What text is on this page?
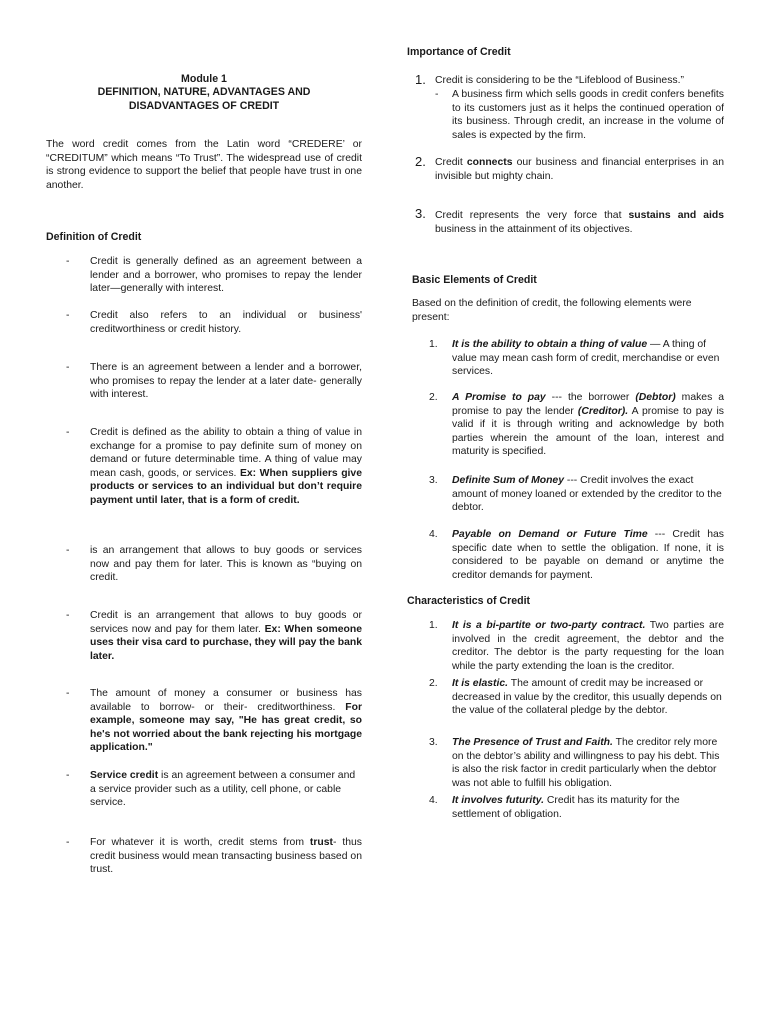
Module 1
DEFINITION, NATURE, ADVANTAGES AND
DISADVANTAGES OF CREDIT

The word credit comes from the Latin word “CREDERE’ or “CREDITUM” which means “To Trust”. The widespread use of credit is strong evidence to support the belief that people have trust in one another.

Definition of Credit

-	Credit is generally defined as an agreement between a lender and a borrower, who promises to repay the lender later—generally with interest.

-	Credit also refers to an individual or business' creditworthiness or credit history.

-	There is an agreement between a lender and a borrower, who promises to repay the lender at a later date- generally with interest.

-	Credit is defined as the ability to obtain a thing of value in exchange for a promise to pay definite sum of money on demand or future determinable time. A thing of value may mean cash, goods, or services. Ex: When suppliers give products or services to an individual but don’t require payment until later, that is a form of credit.

-	is an arrangement that allows to buy goods or services now and pay them for later. This is known as “buying on credit.

-	Credit is an arrangement that allows to buy goods or services now and pay for them later. Ex: When someone uses their visa card to purchase, they will pay the bank later.

-	The amount of money a consumer or business has available to borrow- or their- creditworthiness. For example, someone may say, "He has great credit, so he's not worried about the bank rejecting his mortgage application."

-	Service credit is an agreement between a consumer and a service provider such as a utility, cell phone, or cable service.

-	For whatever it is worth, credit stems from trust- thus credit business would mean transacting business based on trust.

Importance of Credit

1. Credit is considering to be the “Lifeblood of Business.”

- A business firm which sells goods in credit confers benefits to its customers just as it helps the continued operation of its business. Through credit, an increase in the volume of sales is expected by the firm.

2. Credit connects our business and financial enterprises in an invisible but mighty chain.

3. Credit represents the very force that sustains and aids business in the attainment of its objectives.

Basic Elements of Credit

Based on the definition of credit, the following elements were present:

1.	It is the ability to obtain a thing of value — A thing of value may mean cash form of credit, merchandise or even services.

2.	A Promise to pay --- the borrower (Debtor) makes a promise to pay the lender (Creditor). A promise to pay is valid if it is through writing and acknowledge by both parties wherein the amount of the loan, interest and maturity is specified.

3.	Definite Sum of Money --- Credit involves the exact amount of money loaned or extended by the creditor to the debtor.

4.	Payable on Demand or Future Time --- Credit has specific date when to settle the obligation. If none, it is considered to be payable on demand or anytime the creditor demands for payment.

Characteristics of Credit

1.	It is a bi-partite or two-party contract. Two parties are involved in the credit agreement, the debtor and the creditor. The debtor is the party requesting for the loan while the party extending the loan is the creditor.

2.	It is elastic. The amount of credit may be increased or decreased in value by the creditor, this usually depends on the value of the collateral pledge by the debtor.

3.	The Presence of Trust and Faith. The creditor rely more on the debtor’s ability and willingness to pay his debt. This is also the risk factor in credit particularly when the debtor was not able to fulfill his obligation.

4.	It involves futurity. Credit has its maturity for the settlement of obligation.
